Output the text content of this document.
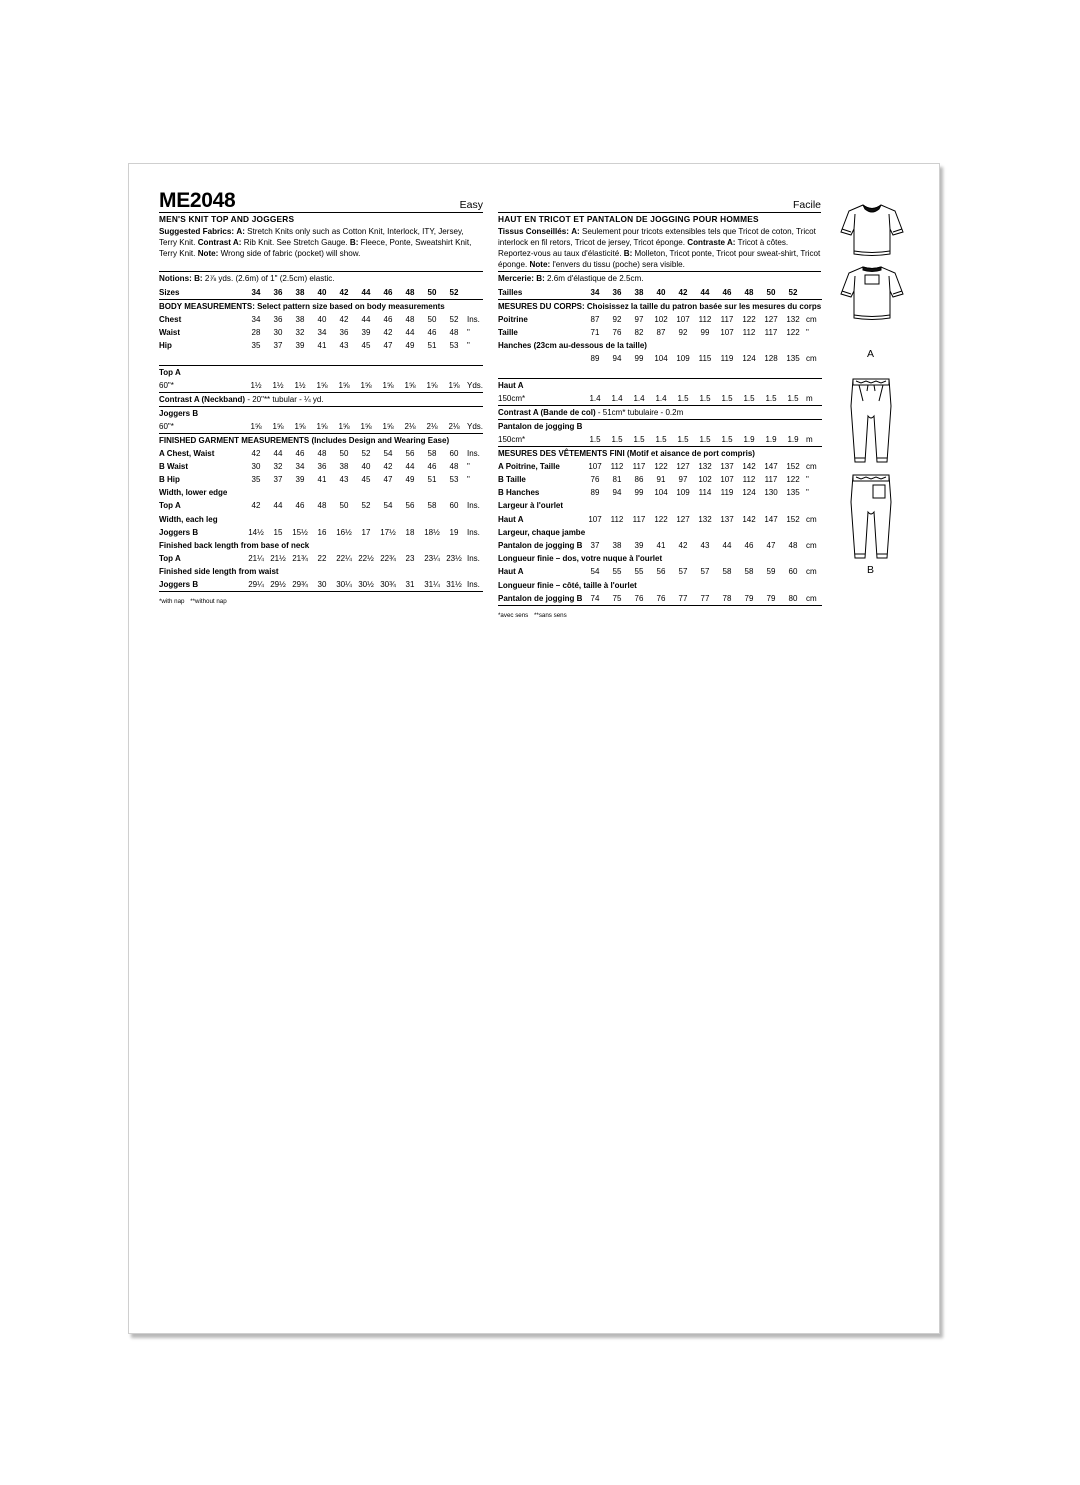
ME2048	Easy
MEN'S KNIT TOP AND JOGGERS
Suggested Fabrics: A: Stretch Knits only such as Cotton Knit, Interlock, ITY, Jersey, Terry Knit. Contrast A: Rib Knit. See Stretch Gauge. B: Fleece, Ponte, Sweatshirt Knit, Terry Knit. Note: Wrong side of fabric (pocket) will show.
Notions: B: 2⅞ yds. (2.6m) of 1" (2.5cm) elastic.
Sizes	34	36	38	40	42	44	46	48	50	52	
BODY MEASUREMENTS: Select pattern size based on body measurements											
Chest	34	36	38	40	42	44	46	48	50	52	Ins.
Waist	28	30	32	34	36	39	42	44	46	48	"
Hip	35	37	39	41	43	45	47	49	51	53	"

Top A											
60"*	1½	1½	1½	1⅝	1⅝	1⅝	1⅝	1⅝	1⅝	1⅝	Yds.
Contrast A (Neckband) - 20"** tubular - ¼ yd.											
Joggers B											
60"*	1⅝	1⅝	1⅝	1⅝	1⅝	1⅝	1⅝	2⅛	2⅛	2⅛	Yds.
FINISHED GARMENT MEASUREMENTS (Includes Design and Wearing Ease)											
A Chest, Waist	42	44	46	48	50	52	54	56	58	60	Ins.
B Waist	30	32	34	36	38	40	42	44	46	48	"
B Hip	35	37	39	41	43	45	47	49	51	53	"
Width, lower edge											
Top A	42	44	46	48	50	52	54	56	58	60	Ins.
Width, each leg											
Joggers B	14½	15	15½	16	16½	17	17½	18	18½	19	Ins.
Finished back length from base of neck											
Top A	21¼	21½	21¾	22	22¼	22½	22¾	23	23¼	23½	Ins.
Finished side length from waist											
Joggers B	29¼	29½	29¾	30	30¼	30½	30¾	31	31¼	31½	Ins.
*with nap **without nap
Facile
HAUT EN TRICOT ET PANTALON DE JOGGING POUR HOMMES
Tissus Conseillés: A: Seulement pour tricots extensibles tels que Tricot de coton, Tricot interlock en fil retors, Tricot de jersey, Tricot éponge. Contraste A: Tricot à côtes. Reportez-vous au taux d'élasticité. B: Molleton, Tricot ponte, Tricot pour sweat-shirt, Tricot éponge. Note: l'envers du tissu (poche) sera visible.
Mercerie: B: 2.6m d'élastique de 2.5cm.
Tailles	34	36	38	40	42	44	46	48	50	52	
MESURES DU CORPS: Choisissez la taille du patron basée sur les mesures du corps											
Poitrine	87	92	97	102	107	112	117	122	127	132	cm
Taille	71	76	82	87	92	99	107	112	117	122	"
Hanches (23cm au-dessous de la taille)											
	89	94	99	104	109	115	119	124	128	135	cm

Haut A											
150cm*	1.4	1.4	1.4	1.4	1.5	1.5	1.5	1.5	1.5	1.5	m
Contrast A (Bande de col) - 51cm* tubulaire - 0.2m											
Pantalon de jogging B											
150cm*	1.5	1.5	1.5	1.5	1.5	1.5	1.5	1.9	1.9	1.9	m
MESURES DES VÊTEMENTS FINI (Motif et aisance de port compris)											
A Poitrine, Taille	107	112	117	122	127	132	137	142	147	152	cm
B Taille	76	81	86	91	97	102	107	112	117	122	"
B Hanches	89	94	99	104	109	114	119	124	130	135	"
Largeur à l'ourlet											
Haut A	107	112	117	122	127	132	137	142	147	152	cm
Largeur, chaque jambe											
Pantalon de jogging B	37	38	39	41	42	43	44	46	47	48	cm
Longueur finie – dos, votre nuque à l'ourlet											
Haut A	54	55	55	56	57	57	58	58	59	60	cm
Longueur finie – côté, taille à l'ourlet											
Pantalon de jogging B	74	75	76	76	77	77	78	79	79	80	cm
*avec sens **sans sens
A
B
